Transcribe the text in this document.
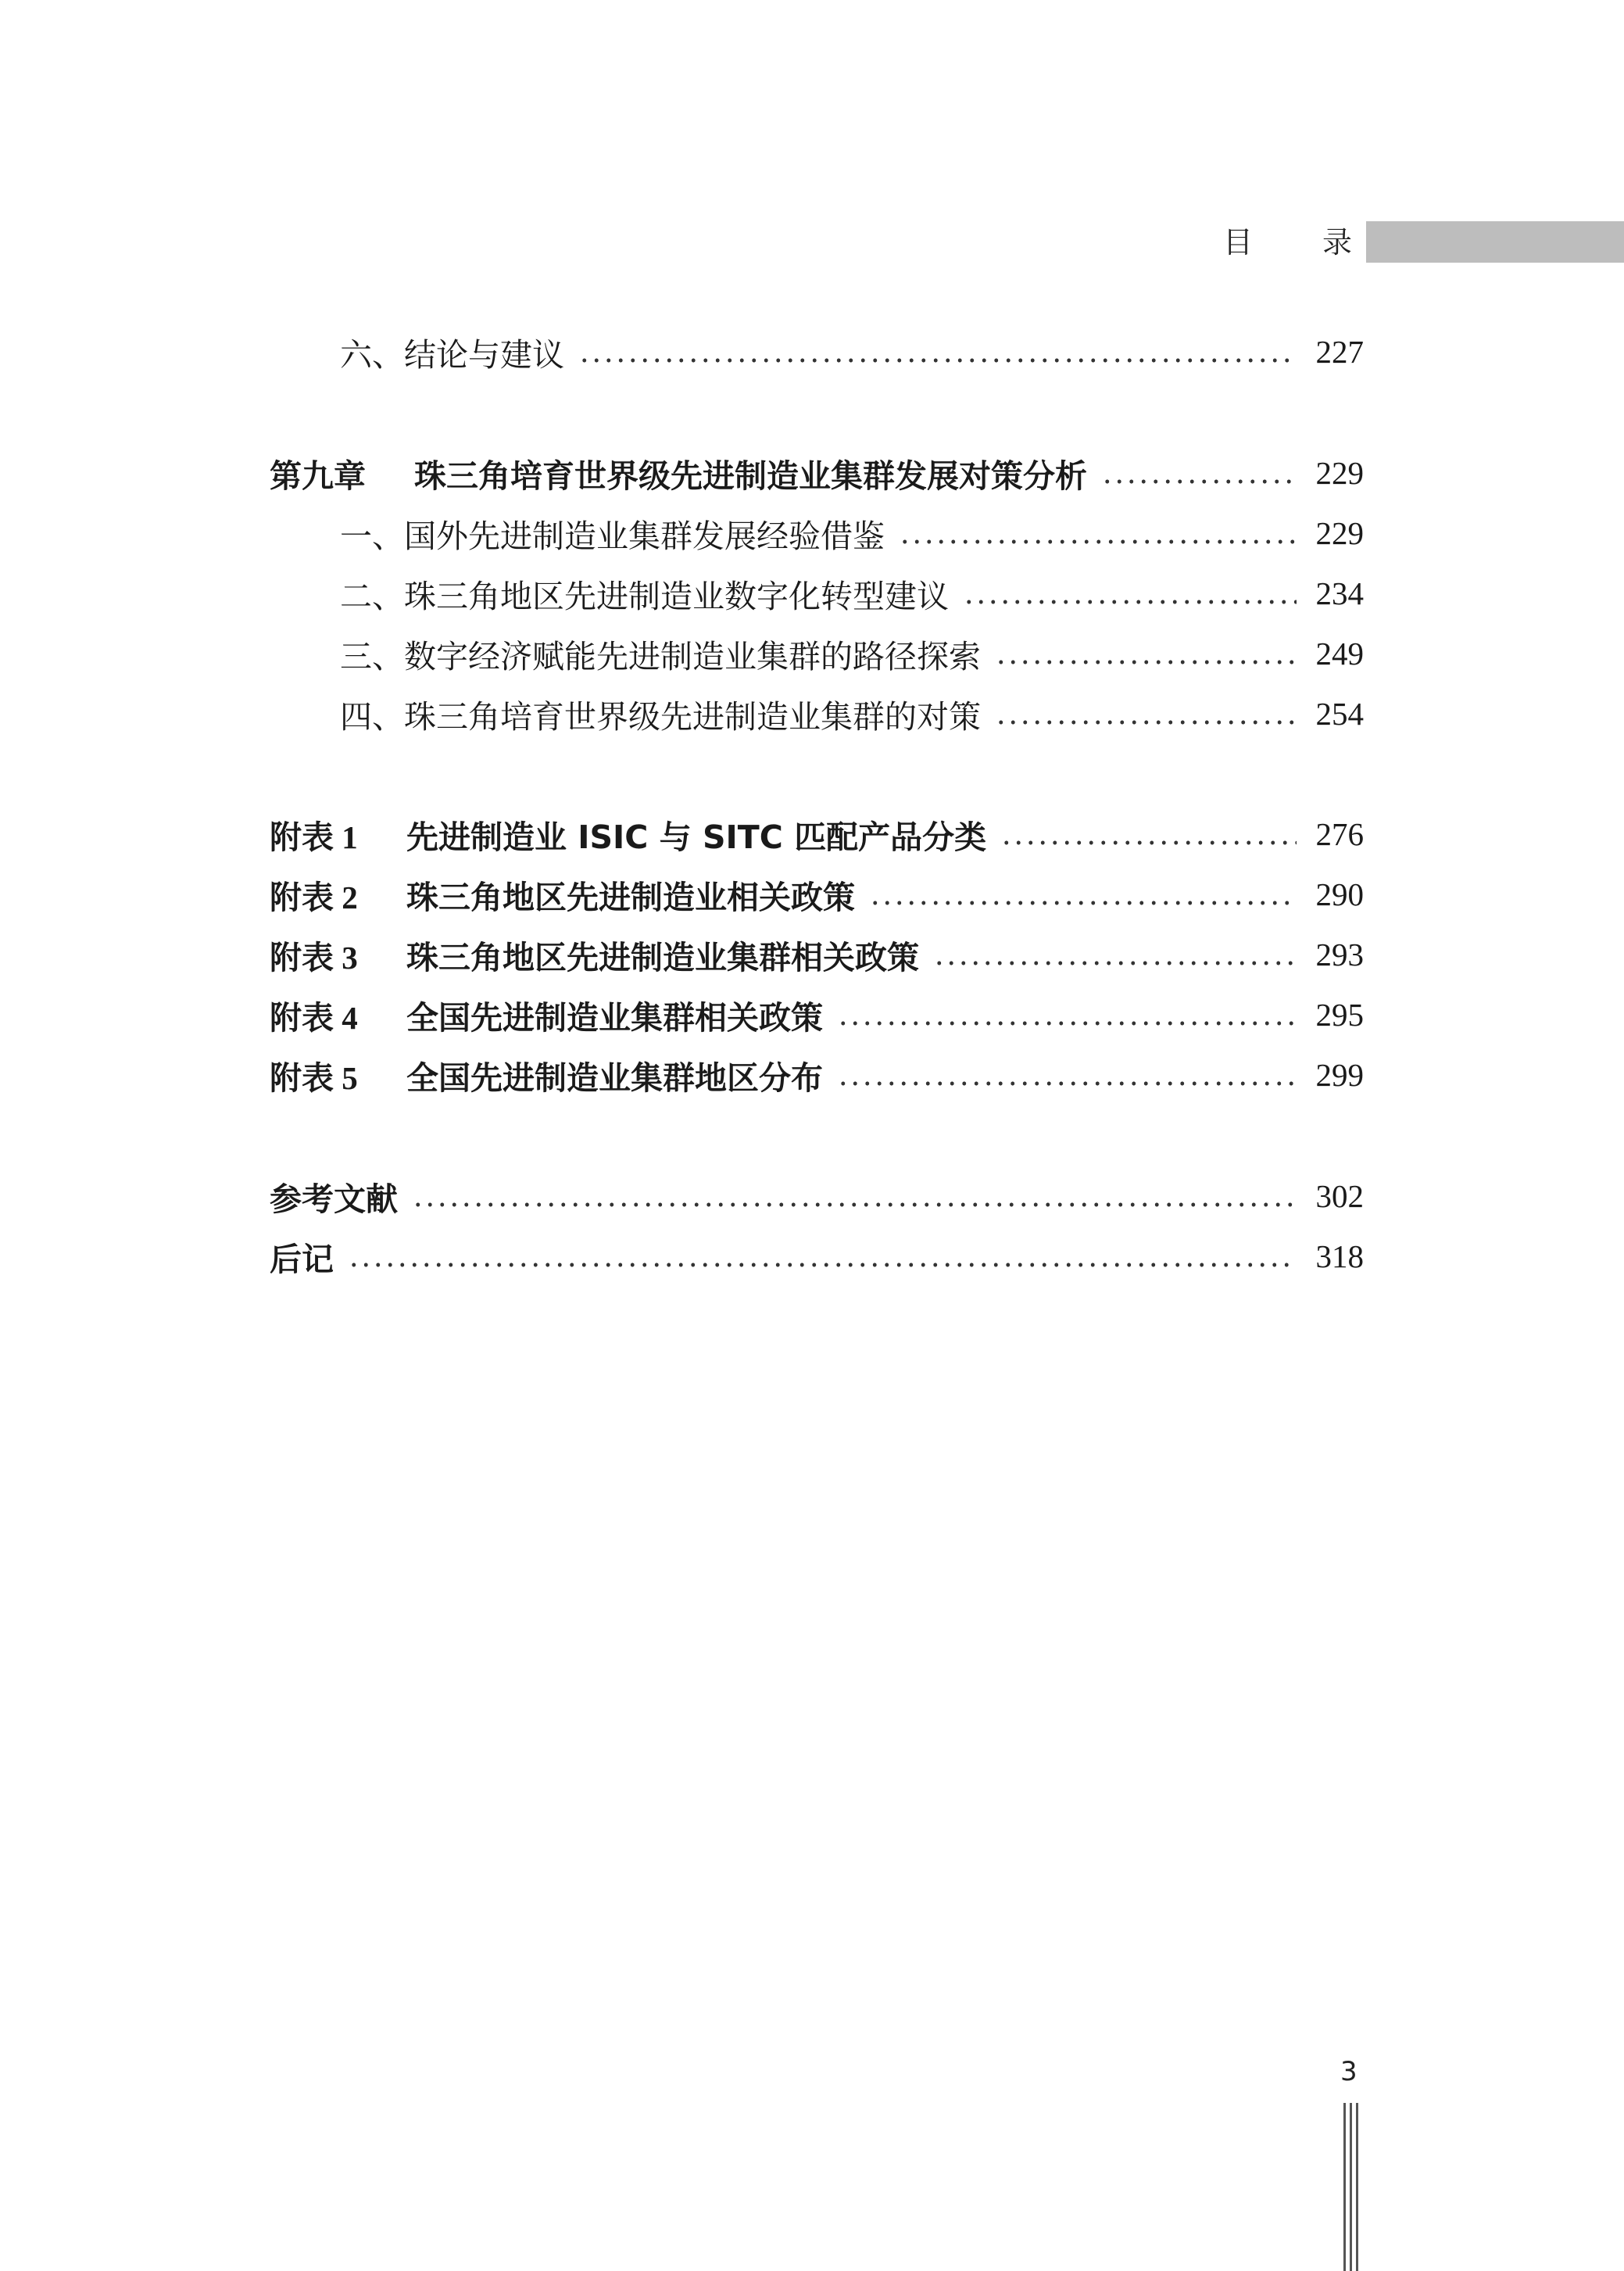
目 录
六、结论与建议	227
第九章 珠三角培育世界级先进制造业集群发展对策分析	229
一、国外先进制造业集群发展经验借鉴	229
二、珠三角地区先进制造业数字化转型建议	234
三、数字经济赋能先进制造业集群的路径探索	249
四、珠三角培育世界级先进制造业集群的对策	254
附表 1 先进制造业 ISIC 与 SITC 匹配产品分类	276
附表 2 珠三角地区先进制造业相关政策	290
附表 3 珠三角地区先进制造业集群相关政策	293
附表 4 全国先进制造业集群相关政策	295
附表 5 全国先进制造业集群地区分布	299
参考文献	302
后记	318
3
